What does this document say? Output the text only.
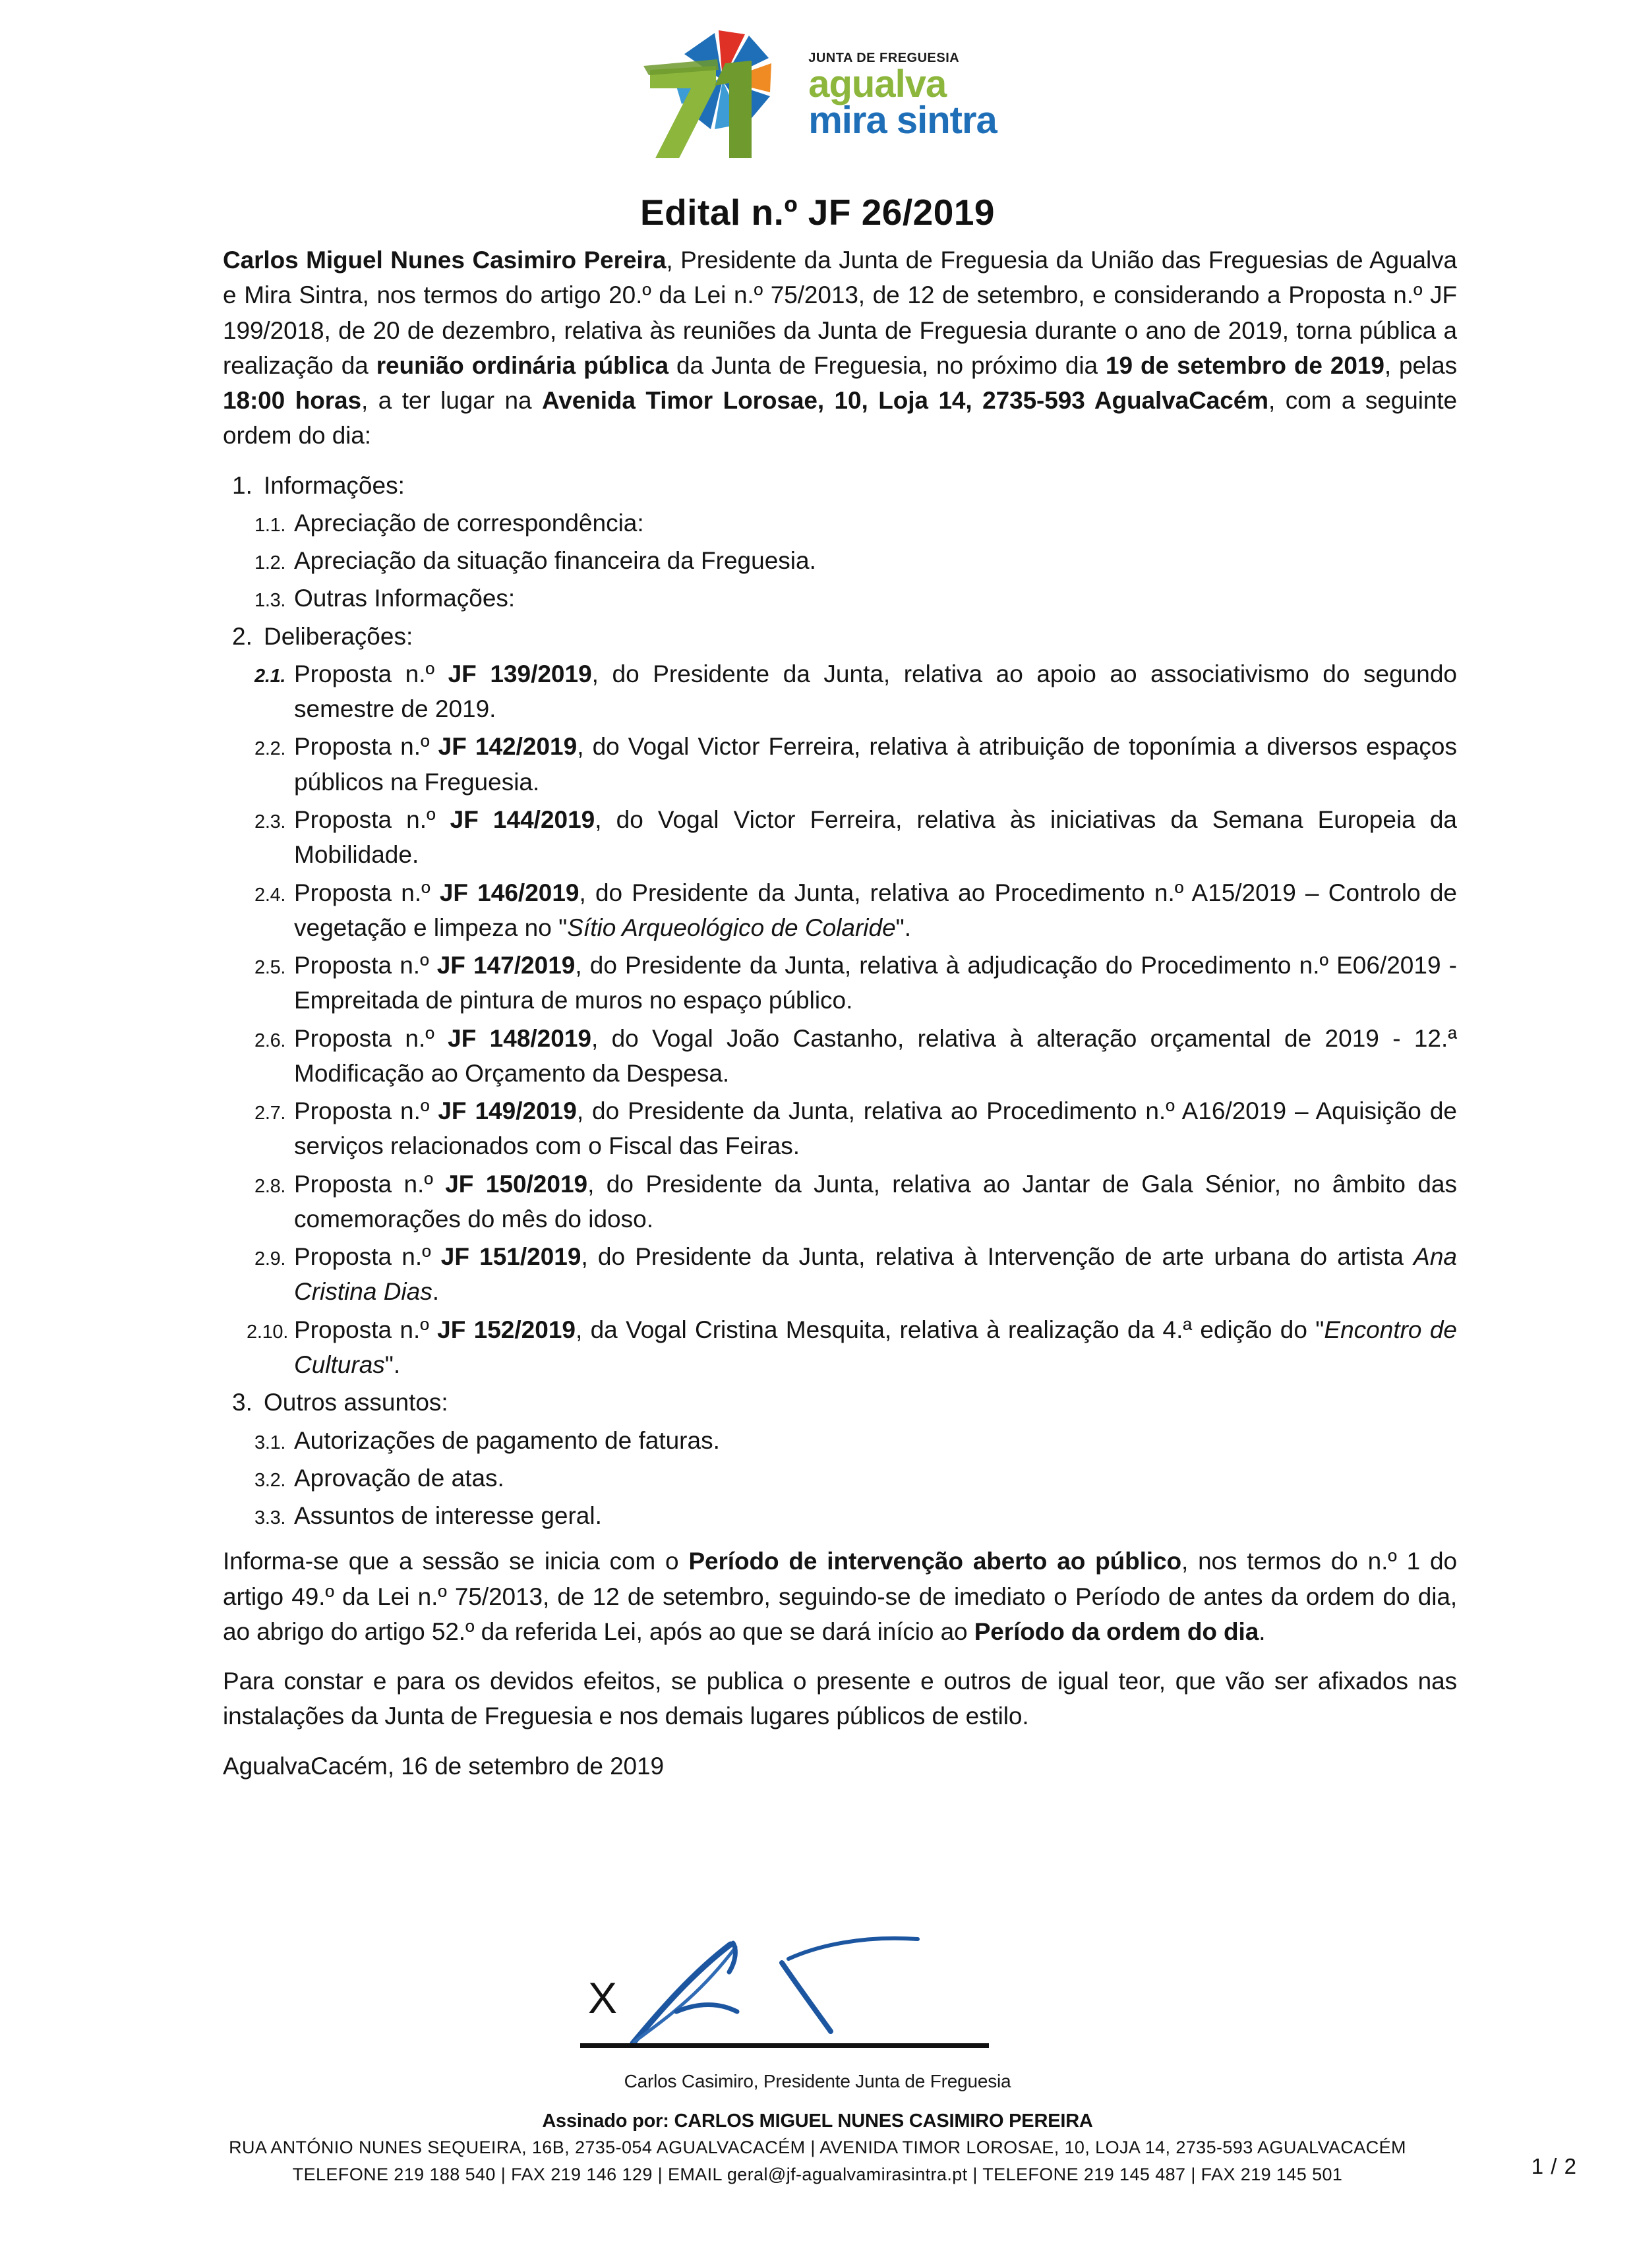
JUNTA DE FREGUESIA
agualva
mira sintra
Edital n.º JF 26/2019

Carlos Miguel Nunes Casimiro Pereira, Presidente da Junta de Freguesia da União das Freguesias de Agualva e Mira Sintra, nos termos do artigo 20.º da Lei n.º 75/2013, de 12 de setembro, e considerando a Proposta n.º JF 199/2018, de 20 de dezembro, relativa às reuniões da Junta de Freguesia durante o ano de 2019, torna pública a realização da reunião ordinária pública da Junta de Freguesia, no próximo dia 19 de setembro de 2019, pelas 18:00 horas, a ter lugar na Avenida Timor Lorosae, 10, Loja 14, 2735-593 AgualvaCacém, com a seguinte ordem do dia:

1. Informações:
1.1. Apreciação de correspondência:
1.2. Apreciação da situação financeira da Freguesia.
1.3. Outras Informações:
2. Deliberações:
2.1. Proposta n.º JF 139/2019, do Presidente da Junta, relativa ao apoio ao associativismo do segundo semestre de 2019.
2.2. Proposta n.º JF 142/2019, do Vogal Victor Ferreira, relativa à atribuição de toponímia a diversos espaços públicos na Freguesia.
2.3. Proposta n.º JF 144/2019, do Vogal Victor Ferreira, relativa às iniciativas da Semana Europeia da Mobilidade.
2.4. Proposta n.º JF 146/2019, do Presidente da Junta, relativa ao Procedimento n.º A15/2019 – Controlo de vegetação e limpeza no "Sítio Arqueológico de Colaride".
2.5. Proposta n.º JF 147/2019, do Presidente da Junta, relativa à adjudicação do Procedimento n.º E06/2019 - Empreitada de pintura de muros no espaço público.
2.6. Proposta n.º JF 148/2019, do Vogal João Castanho, relativa à alteração orçamental de 2019 - 12.ª Modificação ao Orçamento da Despesa.
2.7. Proposta n.º JF 149/2019, do Presidente da Junta, relativa ao Procedimento n.º A16/2019 – Aquisição de serviços relacionados com o Fiscal das Feiras.
2.8. Proposta n.º JF 150/2019, do Presidente da Junta, relativa ao Jantar de Gala Sénior, no âmbito das comemorações do mês do idoso.
2.9. Proposta n.º JF 151/2019, do Presidente da Junta, relativa à Intervenção de arte urbana do artista Ana Cristina Dias.
2.10. Proposta n.º JF 152/2019, da Vogal Cristina Mesquita, relativa à realização da 4.ª edição do "Encontro de Culturas".
3. Outros assuntos:
3.1. Autorizações de pagamento de faturas.
3.2. Aprovação de atas.
3.3. Assuntos de interesse geral.

Informa-se que a sessão se inicia com o Período de intervenção aberto ao público, nos termos do n.º 1 do artigo 49.º da Lei n.º 75/2013, de 12 de setembro, seguindo-se de imediato o Período de antes da ordem do dia, ao abrigo do artigo 52.º da referida Lei, após ao que se dará início ao Período da ordem do dia.

Para constar e para os devidos efeitos, se publica o presente e outros de igual teor, que vão ser afixados nas instalações da Junta de Freguesia e nos demais lugares públicos de estilo.

AgualvaCacém, 16 de setembro de 2019

X
Carlos Casimiro, Presidente Junta de Freguesia
Assinado por: CARLOS MIGUEL NUNES CASIMIRO PEREIRA
RUA ANTÓNIO NUNES SEQUEIRA, 16B, 2735-054 AGUALVACACÉM | AVENIDA TIMOR LOROSAE, 10, LOJA 14, 2735-593 AGUALVACACÉM
TELEFONE 219 188 540 | FAX 219 146 129 | EMAIL geral@jf-agualvamirasintra.pt | TELEFONE 219 145 487 | FAX 219 145 501	1 / 2
